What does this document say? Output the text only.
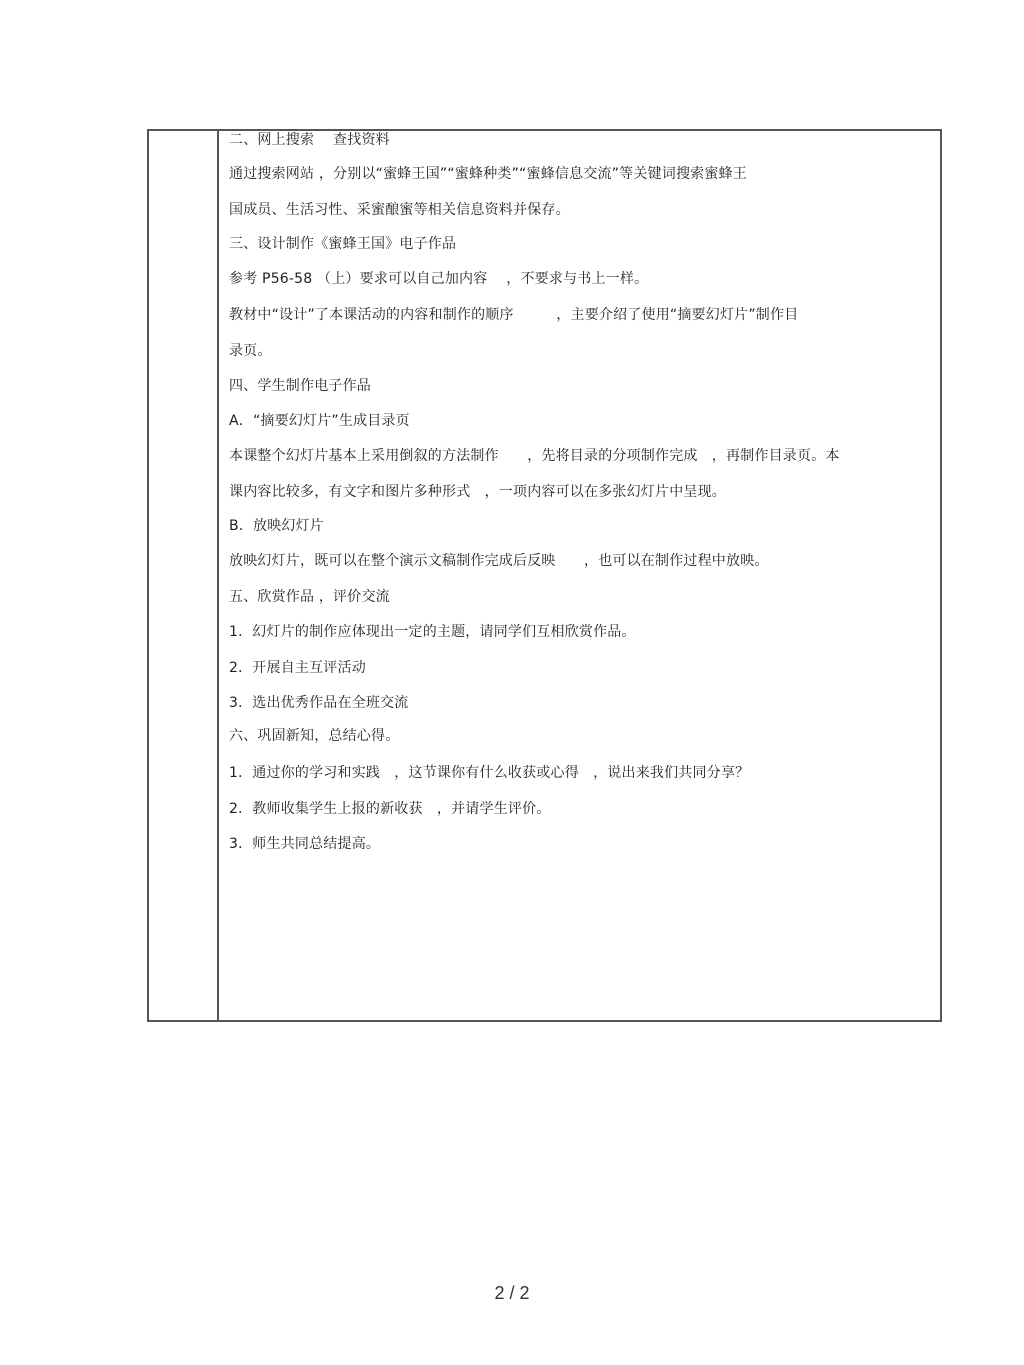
二、网上搜索　 查找资料
通过搜索网站 ，分别以“蜜蜂王国”“蜜蜂种类”“蜜蜂信息交流”等关键词搜索蜜蜂王
国成员、生活习性、采蜜酿蜜等相关信息资料并保存。
三、设计制作《蜜蜂王国》电子作品
参考 P56-58 （上）要求可以自己加内容　 ，不要求与书上一样。
教材中“设计”了本课活动的内容和制作的顺序　　　，主要介绍了使用“摘要幻灯片”制作目
录页。
四、学生制作电子作品
A．“摘要幻灯片”生成目录页
本课整个幻灯片基本上采用倒叙的方法制作　　，先将目录的分项制作完成　，再制作目录页。本
课内容比较多，有文字和图片多种形式　，一项内容可以在多张幻灯片中呈现。
B．放映幻灯片
放映幻灯片，既可以在整个演示文稿制作完成后反映　　，也可以在制作过程中放映。
五、欣赏作品 ，评价交流
1．幻灯片的制作应体现出一定的主题，请同学们互相欣赏作品。
2．开展自主互评活动
3．选出优秀作品在全班交流
六、巩固新知，总结心得。
1．通过你的学习和实践　，这节课你有什么收获或心得　，说出来我们共同分享？
2．教师收集学生上报的新收获　，并请学生评价。
3．师生共同总结提高。
2 / 2
